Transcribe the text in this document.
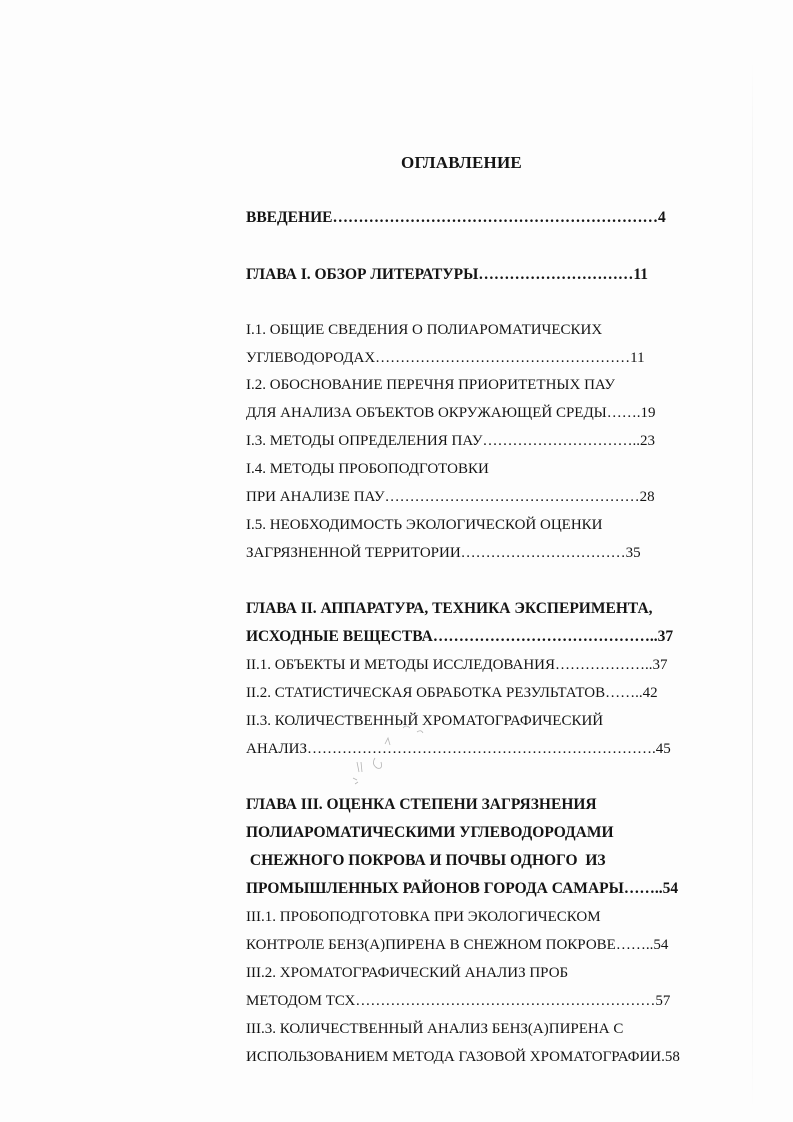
ОГЛАВЛЕНИЕ

ВВЕДЕНИЕ………………………………………………………4

ГЛАВА I. ОБЗОР ЛИТЕРАТУРЫ…………………………11

I.1. ОБЩИЕ СВЕДЕНИЯ О ПОЛИАРОМАТИЧЕСКИХ

УГЛЕВОДОРОДАХ……………………………………………11

I.2. ОБОСНОВАНИЕ ПЕРЕЧНЯ ПРИОРИТЕТНЫХ ПАУ

ДЛЯ АНАЛИЗА ОБЪЕКТОВ ОКРУЖАЮЩЕЙ СРЕДЫ…….19

I.3. МЕТОДЫ ОПРЕДЕЛЕНИЯ ПАУ…………………………..23

I.4. МЕТОДЫ ПРОБОПОДГОТОВКИ

ПРИ АНАЛИЗЕ ПАУ……………………………………………28

I.5. НЕОБХОДИМОСТЬ ЭКОЛОГИЧЕСКОЙ ОЦЕНКИ

ЗАГРЯЗНЕННОЙ ТЕРРИТОРИИ……………………………35

ГЛАВА II. АППАРАТУРА, ТЕХНИКА ЭКСПЕРИМЕНТА,

ИСХОДНЫЕ ВЕЩЕСТВА……………………………………..37

II.1. ОБЪЕКТЫ И МЕТОДЫ ИССЛЕДОВАНИЯ………………..37

II.2. СТАТИСТИЧЕСКАЯ ОБРАБОТКА РЕЗУЛЬТАТОВ……..42

II.3. КОЛИЧЕСТВЕННЫЙ ХРОМАТОГРАФИЧЕСКИЙ

АНАЛИЗ…………………………………………………………….45

ГЛАВА III. ОЦЕНКА СТЕПЕНИ ЗАГРЯЗНЕНИЯ

ПОЛИАРОМАТИЧЕСКИМИ УГЛЕВОДОРОДАМИ

СНЕЖНОГО ПОКРОВА И ПОЧВЫ ОДНОГО  ИЗ

ПРОМЫШЛЕННЫХ РАЙОНОВ ГОРОДА САМАРЫ……..54

III.1. ПРОБОПОДГОТОВКА ПРИ ЭКОЛОГИЧЕСКОМ

КОНТРОЛЕ БЕНЗ(А)ПИРЕНА В СНЕЖНОМ ПОКРОВЕ……..54

III.2. ХРОМАТОГРАФИЧЕСКИЙ АНАЛИЗ ПРОБ

МЕТОДОМ ТСХ……………………………………………………57

III.3. КОЛИЧЕСТВЕННЫЙ АНАЛИЗ БЕНЗ(А)ПИРЕНА С

ИСПОЛЬЗОВАНИЕМ МЕТОДА ГАЗОВОЙ ХРОМАТОГРАФИИ.58
